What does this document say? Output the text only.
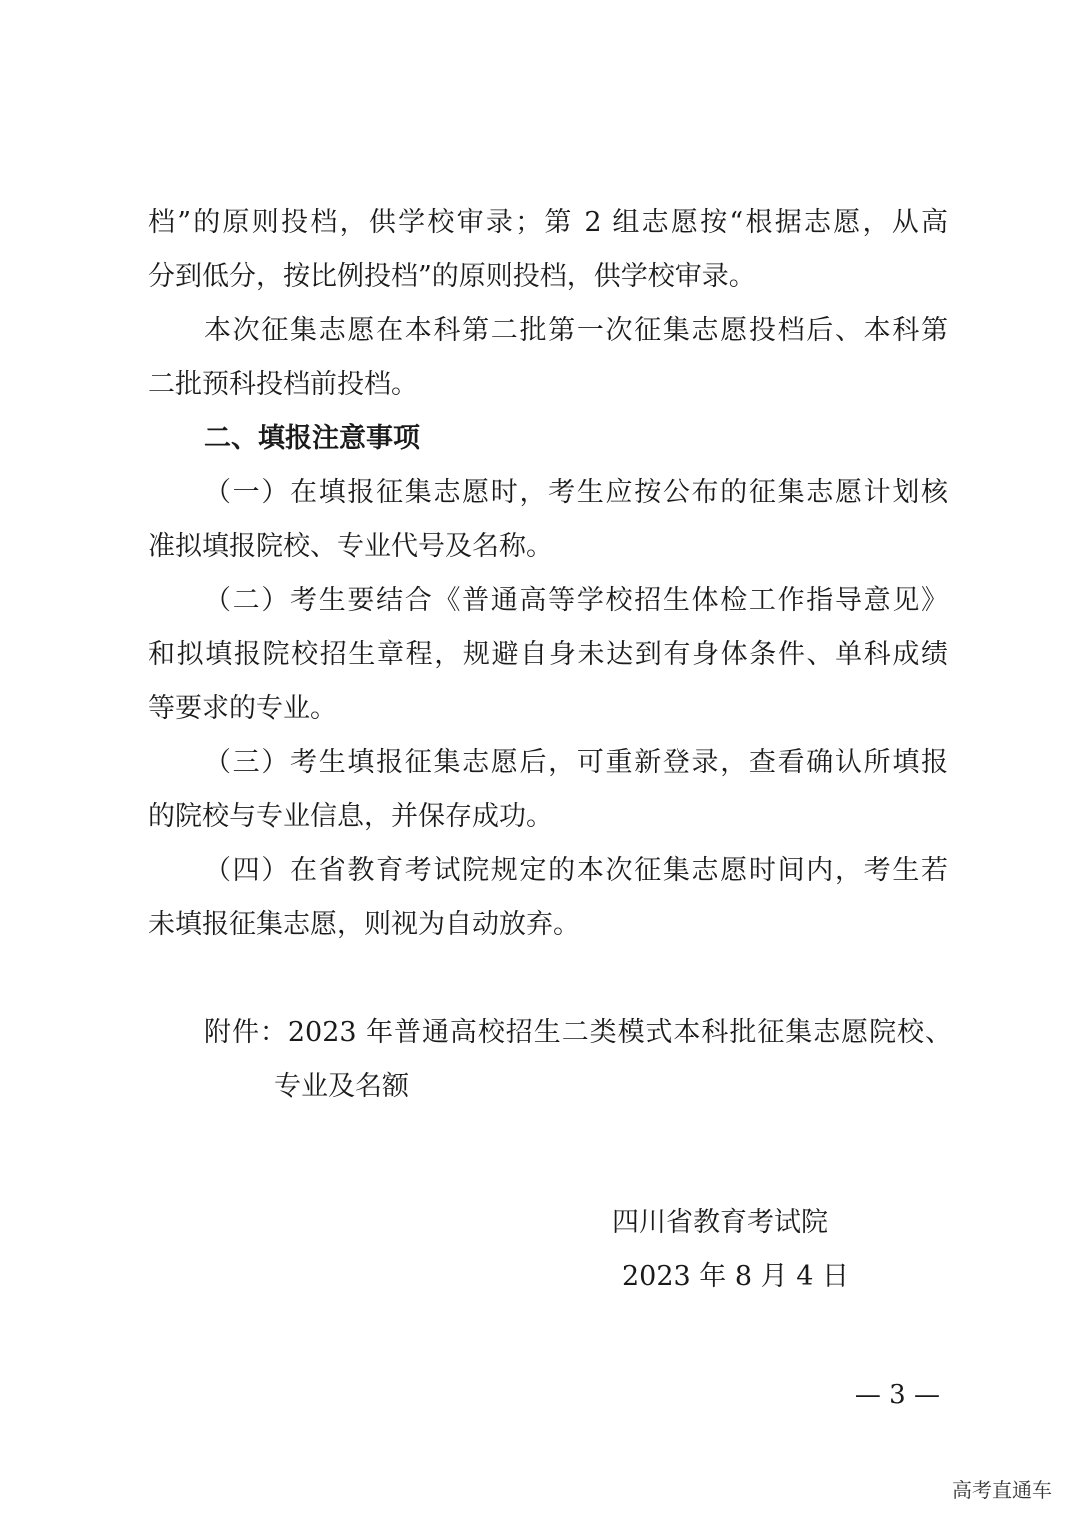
档”的原则投档，供学校审录；第 2 组志愿按“根据志愿，从高
分到低分，按比例投档”的原则投档，供学校审录。
本次征集志愿在本科第二批第一次征集志愿投档后、本科第
二批预科投档前投档。
二、填报注意事项
（一）在填报征集志愿时，考生应按公布的征集志愿计划核
准拟填报院校、专业代号及名称。
（二）考生要结合《普通高等学校招生体检工作指导意见》
和拟填报院校招生章程，规避自身未达到有身体条件、单科成绩
等要求的专业。
（三）考生填报征集志愿后，可重新登录，查看确认所填报
的院校与专业信息，并保存成功。
（四）在省教育考试院规定的本次征集志愿时间内，考生若
未填报征集志愿，则视为自动放弃。
附件：2023 年普通高校招生二类模式本科批征集志愿院校、
专业及名额
四川省教育考试院
2023 年 8 月 4 日
— 3 —
高考直通车
